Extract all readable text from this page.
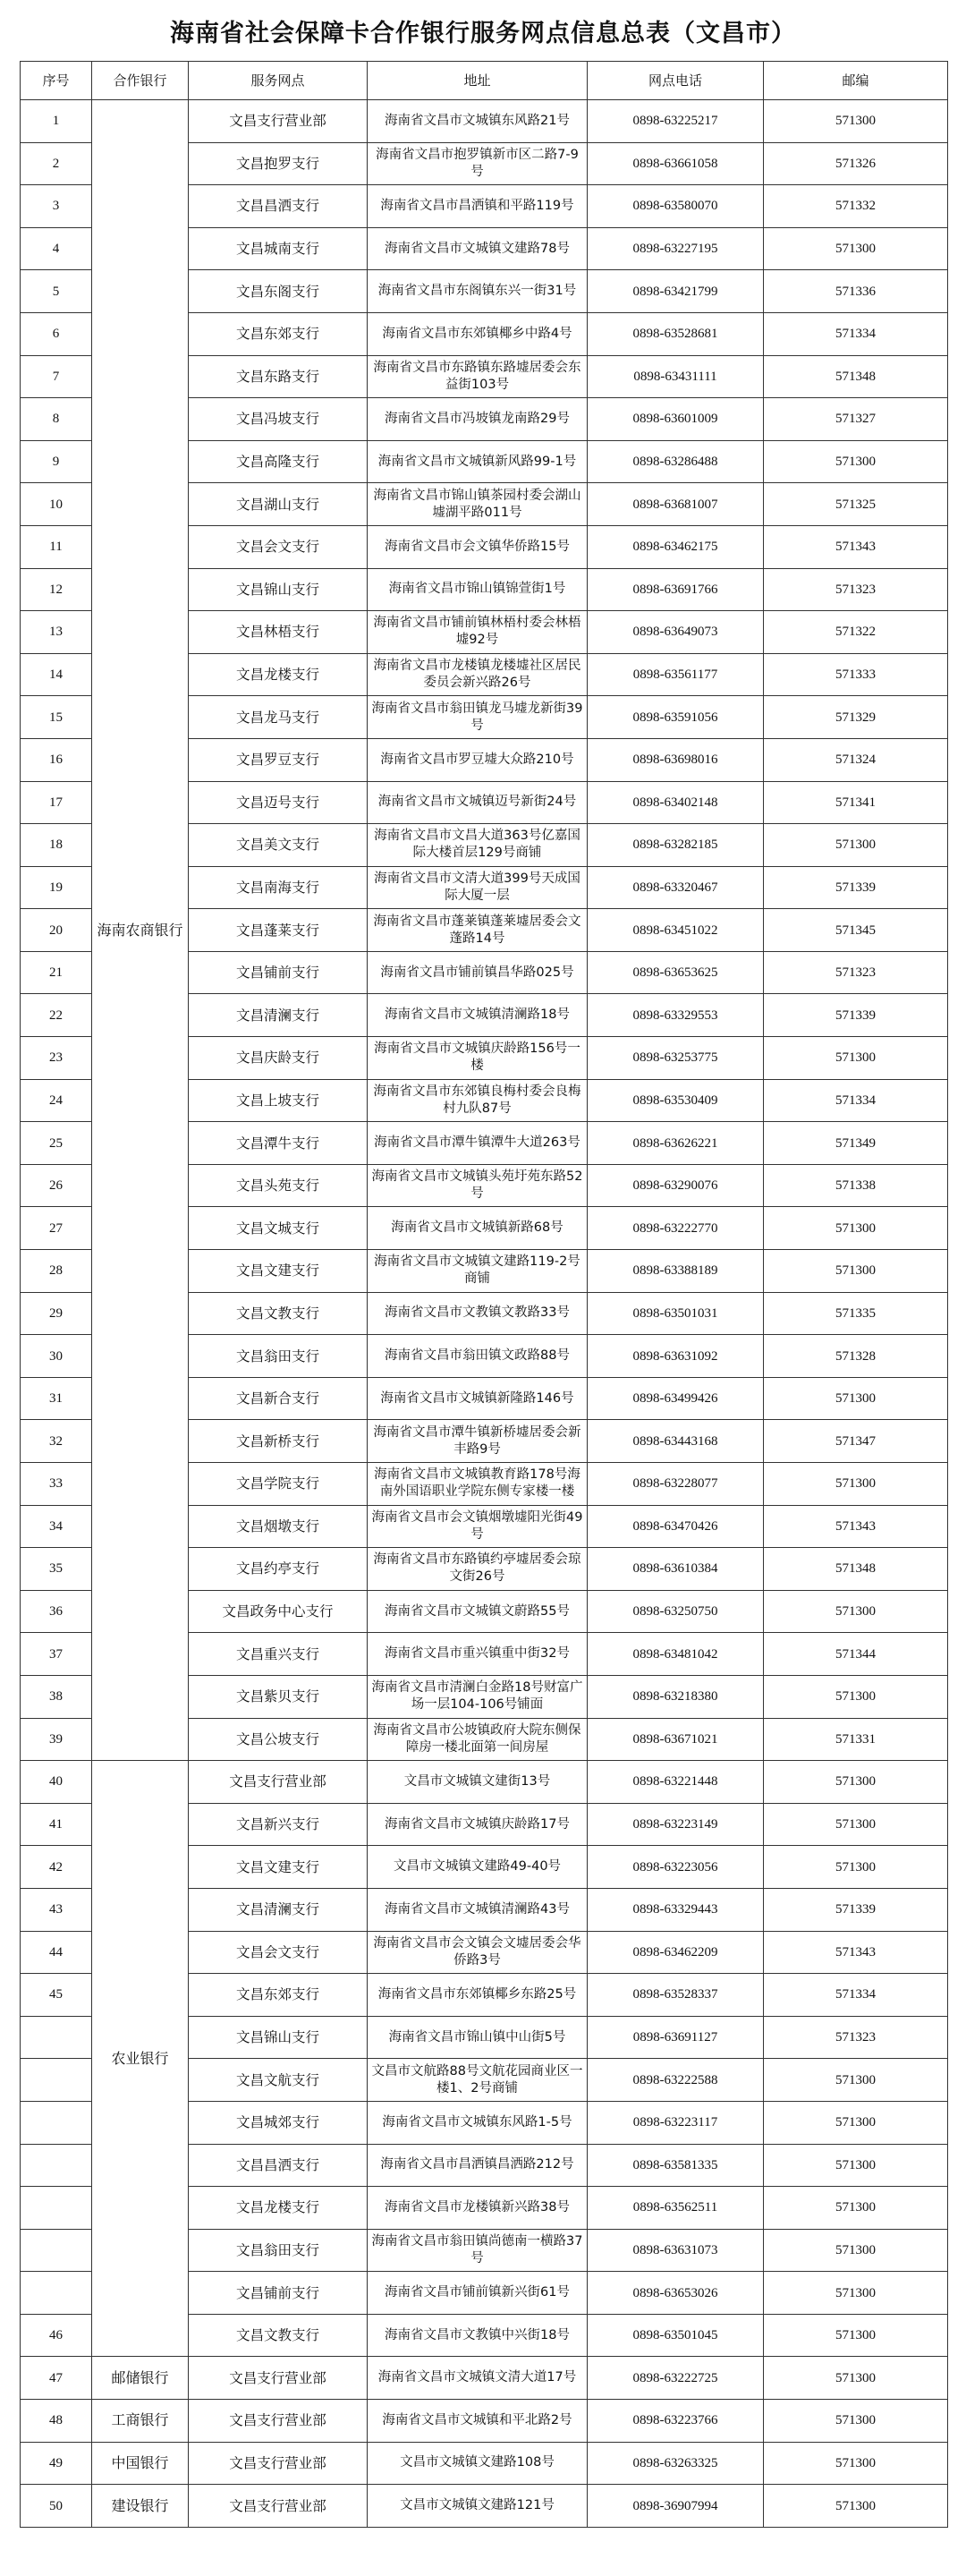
海南省社会保障卡合作银行服务网点信息总表（文昌市）
序号	合作银行	服务网点	地址	网点电话	邮编
1	海南农商银行	文昌支行营业部	海南省文昌市文城镇东风路21号	0898-63225217	571300
2		文昌抱罗支行	海南省文昌市抱罗镇新市区二路7-9号	0898-63661058	571326
3		文昌昌洒支行	海南省文昌市昌洒镇和平路119号	0898-63580070	571332
4		文昌城南支行	海南省文昌市文城镇文建路78号	0898-63227195	571300
5		文昌东阁支行	海南省文昌市东阁镇东兴一街31号	0898-63421799	571336
6		文昌东郊支行	海南省文昌市东郊镇椰乡中路4号	0898-63528681	571334
7		文昌东路支行	海南省文昌市东路镇东路墟居委会东益街103号	0898-63431111	571348
8		文昌冯坡支行	海南省文昌市冯坡镇龙南路29号	0898-63601009	571327
9		文昌高隆支行	海南省文昌市文城镇新风路99-1号	0898-63286488	571300
10		文昌湖山支行	海南省文昌市锦山镇茶园村委会湖山墟湖平路011号	0898-63681007	571325
11		文昌会文支行	海南省文昌市会文镇华侨路15号	0898-63462175	571343
12		文昌锦山支行	海南省文昌市锦山镇锦萱街1号	0898-63691766	571323
13		文昌林梧支行	海南省文昌市铺前镇林梧村委会林梧墟92号	0898-63649073	571322
14		文昌龙楼支行	海南省文昌市龙楼镇龙楼墟社区居民委员会新兴路26号	0898-63561177	571333
15		文昌龙马支行	海南省文昌市翁田镇龙马墟龙新街39号	0898-63591056	571329
16		文昌罗豆支行	海南省文昌市罗豆墟大众路210号	0898-63698016	571324
17		文昌迈号支行	海南省文昌市文城镇迈号新街24号	0898-63402148	571341
18		文昌美文支行	海南省文昌市文昌大道363号亿嘉国际大楼首层129号商铺	0898-63282185	571300
19		文昌南海支行	海南省文昌市文清大道399号天成国际大厦一层	0898-63320467	571339
20		文昌蓬莱支行	海南省文昌市蓬莱镇蓬莱墟居委会文蓬路14号	0898-63451022	571345
21		文昌铺前支行	海南省文昌市铺前镇昌华路025号	0898-63653625	571323
22		文昌清澜支行	海南省文昌市文城镇清澜路18号	0898-63329553	571339
23		文昌庆龄支行	海南省文昌市文城镇庆龄路156号一楼	0898-63253775	571300
24		文昌上坡支行	海南省文昌市东郊镇良梅村委会良梅村九队87号	0898-63530409	571334
25		文昌潭牛支行	海南省文昌市潭牛镇潭牛大道263号	0898-63626221	571349
26		文昌头苑支行	海南省文昌市文城镇头苑圩苑东路52号	0898-63290076	571338
27		文昌文城支行	海南省文昌市文城镇新路68号	0898-63222770	571300
28		文昌文建支行	海南省文昌市文城镇文建路119-2号商铺	0898-63388189	571300
29		文昌文教支行	海南省文昌市文教镇文教路33号	0898-63501031	571335
30		文昌翁田支行	海南省文昌市翁田镇文政路88号	0898-63631092	571328
31		文昌新合支行	海南省文昌市文城镇新隆路146号	0898-63499426	571300
32		文昌新桥支行	海南省文昌市潭牛镇新桥墟居委会新丰路9号	0898-63443168	571347
33		文昌学院支行	海南省文昌市文城镇教育路178号海南外国语职业学院东侧专家楼一楼	0898-63228077	571300
34		文昌烟墩支行	海南省文昌市会文镇烟墩墟阳光街49号	0898-63470426	571343
35		文昌约亭支行	海南省文昌市东路镇约亭墟居委会琼文街26号	0898-63610384	571348
36		文昌政务中心支行	海南省文昌市文城镇文蔚路55号	0898-63250750	571300
37		文昌重兴支行	海南省文昌市重兴镇重中街32号	0898-63481042	571344
38		文昌紫贝支行	海南省文昌市清澜白金路18号财富广场一层104-106号铺面	0898-63218380	571300
39		文昌公坡支行	海南省文昌市公坡镇政府大院东侧保障房一楼北面第一间房屋	0898-63671021	571331
40	农业银行	文昌支行营业部	文昌市文城镇文建街13号	0898-63221448	571300
41		文昌新兴支行	海南省文昌市文城镇庆龄路17号	0898-63223149	571300
42		文昌文建支行	文昌市文城镇文建路49-40号	0898-63223056	571300
43		文昌清澜支行	海南省文昌市文城镇清澜路43号	0898-63329443	571339
44		文昌会文支行	海南省文昌市会文镇会文墟居委会华侨路3号	0898-63462209	571343
45		文昌东郊支行	海南省文昌市东郊镇椰乡东路25号	0898-63528337	571334
		文昌锦山支行	海南省文昌市锦山镇中山街5号	0898-63691127	571323
		文昌文航支行	文昌市文航路88号文航花园商业区一楼1、2号商铺	0898-63222588	571300
		文昌城郊支行	海南省文昌市文城镇东风路1-5号	0898-63223117	571300
		文昌昌洒支行	海南省文昌市昌洒镇昌洒路212号	0898-63581335	571300
		文昌龙楼支行	海南省文昌市龙楼镇新兴路38号	0898-63562511	571300
		文昌翁田支行	海南省文昌市翁田镇尚德南一横路37号	0898-63631073	571300
		文昌铺前支行	海南省文昌市铺前镇新兴街61号	0898-63653026	571300
46		文昌文教支行	海南省文昌市文教镇中兴街18号	0898-63501045	571300
47	邮储银行	文昌支行营业部	海南省文昌市文城镇文清大道17号	0898-63222725	571300
48	工商银行	文昌支行营业部	海南省文昌市文城镇和平北路2号	0898-63223766	571300
49	中国银行	文昌支行营业部	文昌市文城镇文建路108号	0898-63263325	571300
50	建设银行	文昌支行营业部	文昌市文城镇文建路121号	0898-36907994	571300
